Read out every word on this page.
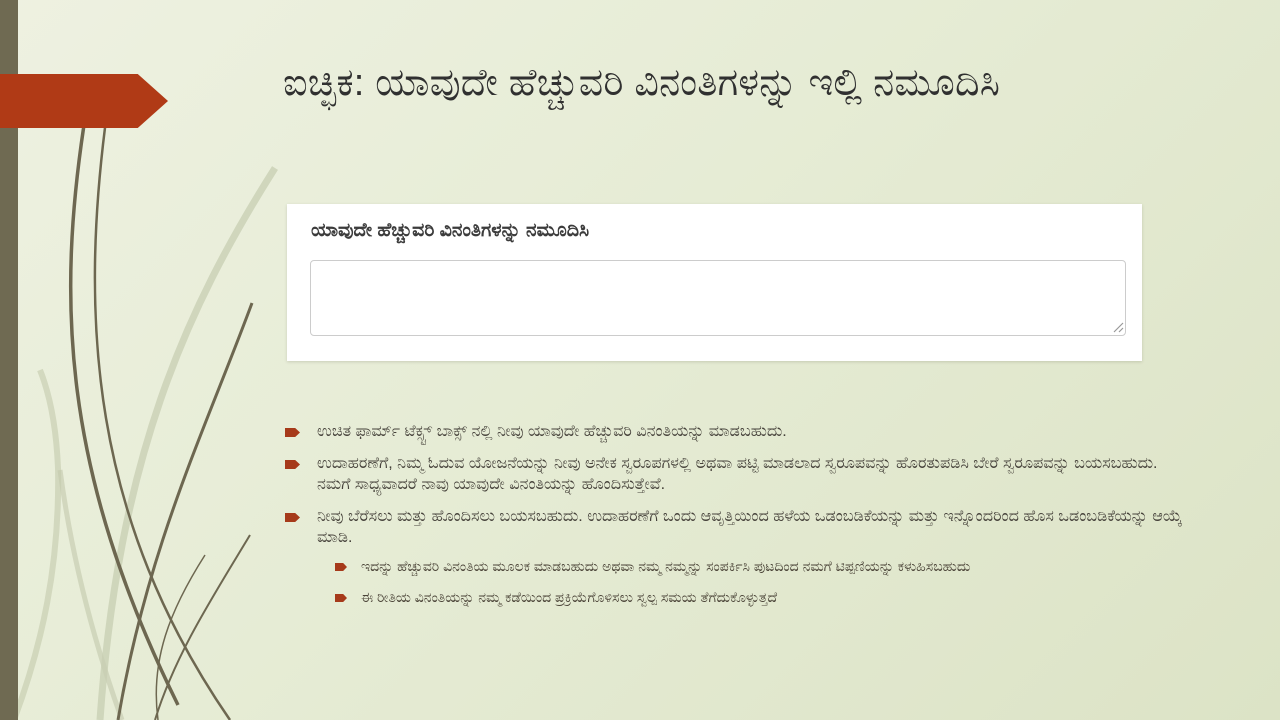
ಐಚ್ಛಿಕ: ಯಾವುದೇ ಹೆಚ್ಚುವರಿ ವಿನಂತಿಗಳನ್ನು ಇಲ್ಲಿ ನಮೂದಿಸಿ
ಯಾವುದೇ ಹೆಚ್ಚುವರಿ ವಿನಂತಿಗಳನ್ನು ನಮೂದಿಸಿ
ಉಚಿತ ಫಾರ್ಮ್ ಟೆಕ್ಸ್ಟ್ ಬಾಕ್ಸ್ ನಲ್ಲಿ ನೀವು ಯಾವುದೇ ಹೆಚ್ಚುವರಿ ವಿನಂತಿಯನ್ನು ಮಾಡಬಹುದು.
ಉದಾಹರಣೆಗೆ, ನಿಮ್ಮ ಓದುವ ಯೋಜನೆಯನ್ನು ನೀವು ಅನೇಕ ಸ್ವರೂಪಗಳಲ್ಲಿ ಅಥವಾ ಪಟ್ಟಿ ಮಾಡಲಾದ ಸ್ವರೂಪವನ್ನು ಹೊರತುಪಡಿಸಿ ಬೇರೆ ಸ್ವರೂಪವನ್ನು ಬಯಸಬಹುದು. ನಮಗೆ ಸಾಧ್ಯವಾದರೆ ನಾವು ಯಾವುದೇ ವಿನಂತಿಯನ್ನು ಹೊಂದಿಸುತ್ತೇವೆ.
ನೀವು ಬೆರೆಸಲು ಮತ್ತು ಹೊಂದಿಸಲು ಬಯಸಬಹುದು. ಉದಾಹರಣೆಗೆ ಒಂದು ಆವೃತ್ತಿಯಿಂದ ಹಳೆಯ ಒಡಂಬಡಿಕೆಯನ್ನು ಮತ್ತು ಇನ್ನೊಂದರಿಂದ ಹೊಸ ಒಡಂಬಡಿಕೆಯನ್ನು ಆಯ್ಕೆ ಮಾಡಿ.
ಇದನ್ನು ಹೆಚ್ಚುವರಿ ವಿನಂತಿಯ ಮೂಲಕ ಮಾಡಬಹುದು ಅಥವಾ ನಮ್ಮ ನಮ್ಮನ್ನು ಸಂಪರ್ಕಿಸಿ ಪುಟದಿಂದ ನಮಗೆ ಟಿಪ್ಪಣಿಯನ್ನು ಕಳುಹಿಸಬಹುದು
ಈ ರೀತಿಯ ವಿನಂತಿಯನ್ನು ನಮ್ಮ ಕಡೆಯಿಂದ ಪ್ರಕ್ರಿಯೆಗೊಳಿಸಲು ಸ್ವಲ್ಪ ಸಮಯ ತೆಗೆದುಕೊಳ್ಳುತ್ತದೆ
